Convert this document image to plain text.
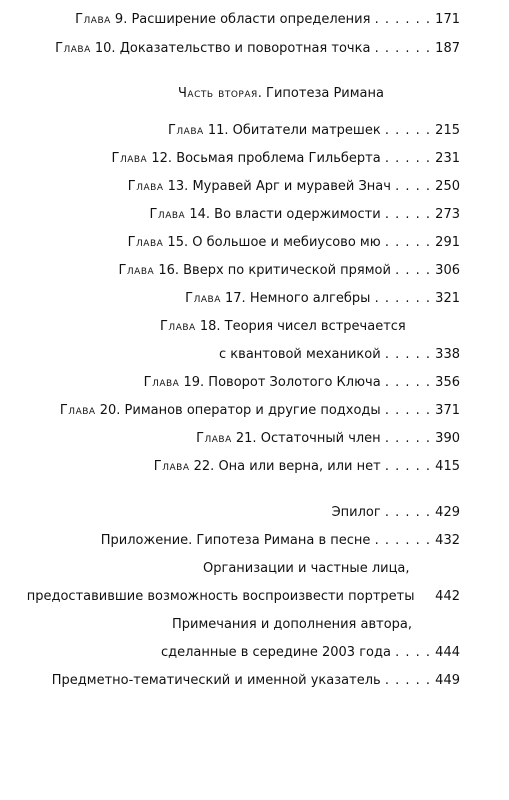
Глава 9. Расширение области определения . . . . . . 171
Глава 10. Доказательство и поворотная точка . . . . . . 187
Часть вторая. Гипотеза Римана
Глава 11. Обитатели матрешек . . . . . 215
Глава 12. Восьмая проблема Гильберта . . . . . 231
Глава 13. Муравей Арг и муравей Знач . . . . 250
Глава 14. Во власти одержимости . . . . . 273
Глава 15. О большое и мебиусово мю . . . . . 291
Глава 16. Вверх по критической прямой . . . . 306
Глава 17. Немного алгебры . . . . . . 321
Глава 18. Теория чисел встречается
с квантовой механикой . . . . . 338
Глава 19. Поворот Золотого Ключа . . . . . 356
Глава 20. Риманов оператор и другие подходы . . . . . 371
Глава 21. Остаточный член . . . . . 390
Глава 22. Она или верна, или нет . . . . . 415
Эпилог . . . . . 429
Приложение. Гипотеза Римана в песне . . . . . . 432
Организации и частные лица,
предоставившие возможность воспроизвести портреты 442
Примечания и дополнения автора,
сделанные в середине 2003 года . . . . 444
Предметно-тематический и именной указатель . . . . . 449
